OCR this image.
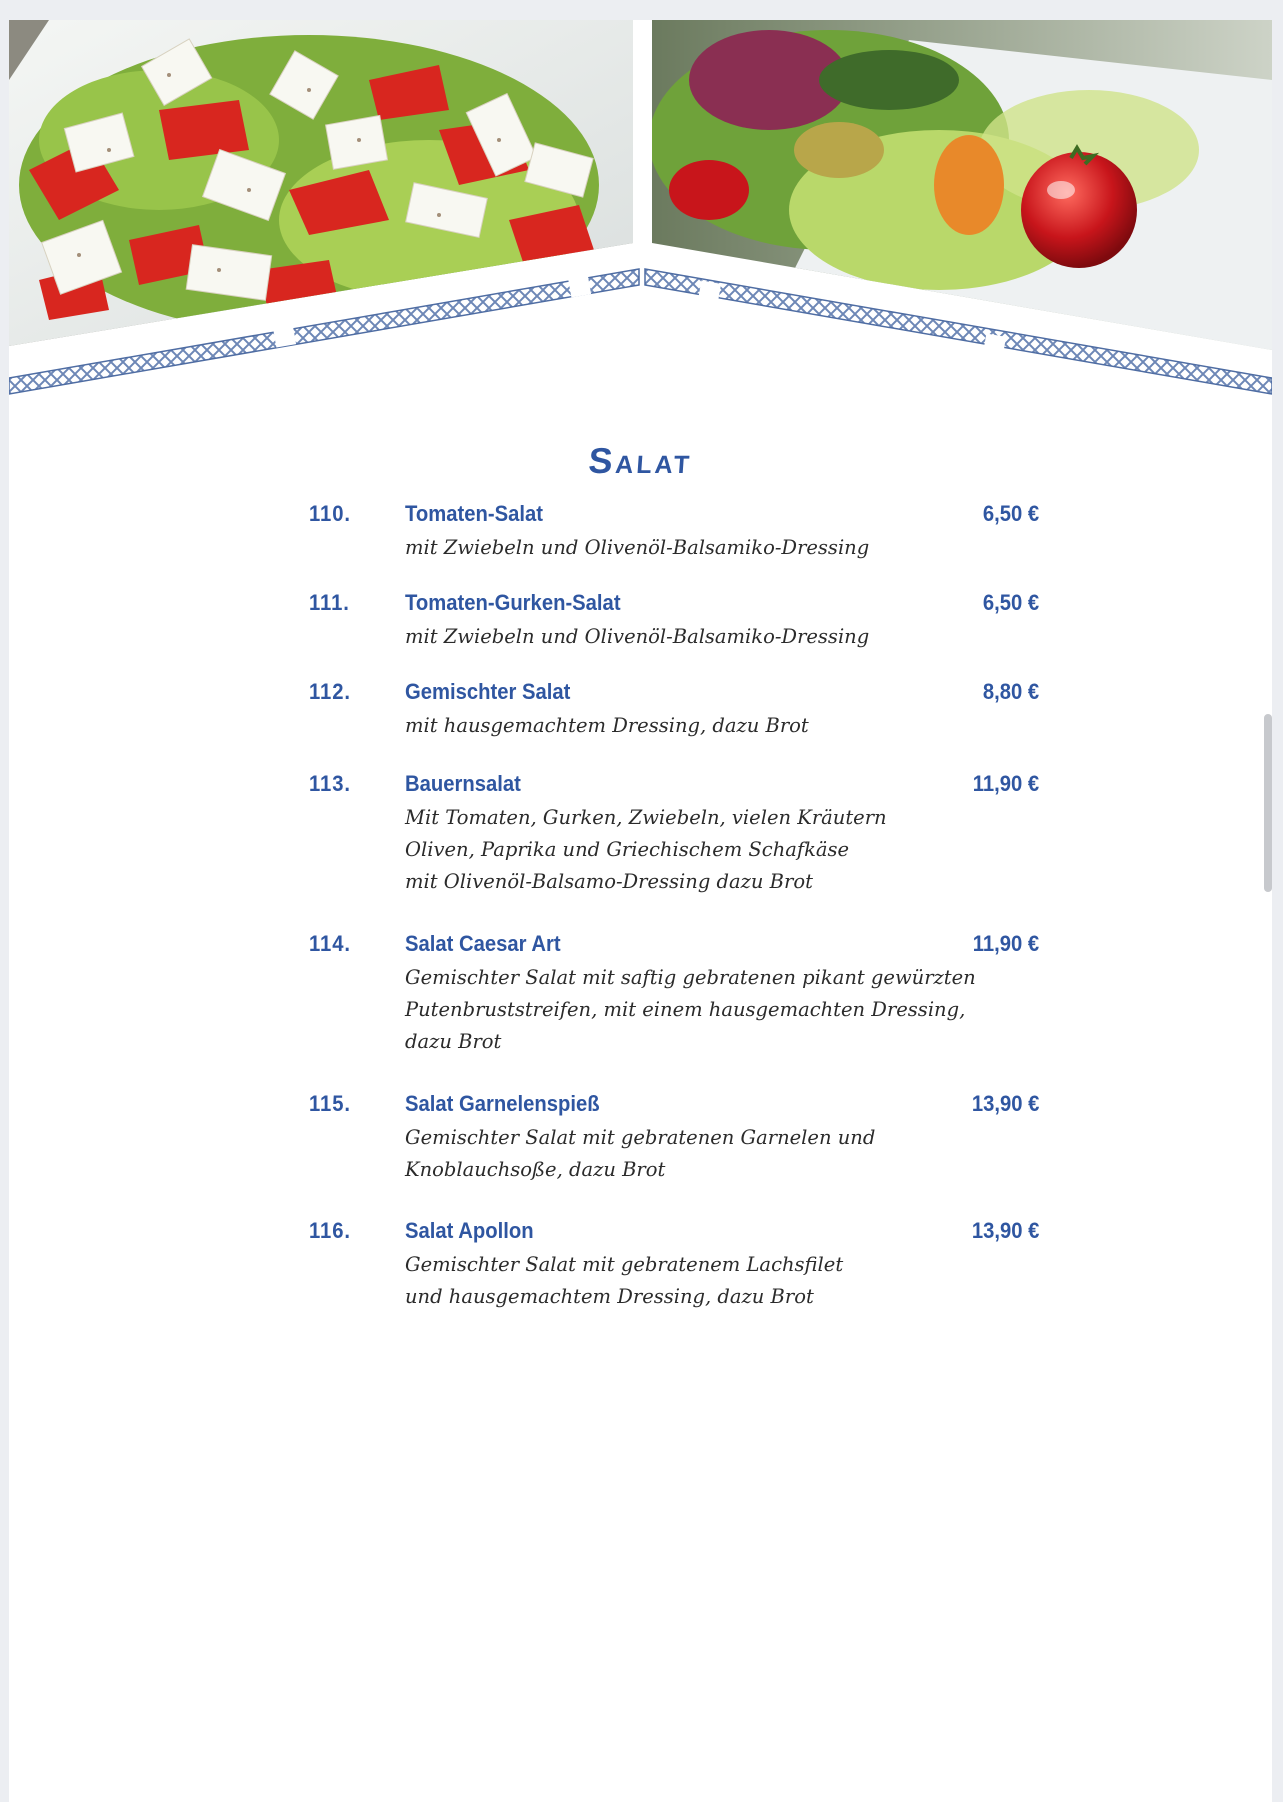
Salat
110. Tomaten-Salat	6,50 €
mit Zwiebeln und Olivenöl-Balsamiko-Dressing
111.	Tomaten-Gurken-Salat	6,50 €
mit Zwiebeln und Olivenöl-Balsamiko-Dressing
112. Gemischter Salat	8,80 €
mit hausgemachtem Dressing, dazu Brot
113. Bauernsalat	11,90 €
Mit Tomaten, Gurken, Zwiebeln, vielen Kräutern
Oliven, Paprika und Griechischem Schafkäse
mit Olivenöl-Balsamo-Dressing dazu Brot
114. Salat Caesar Art	11,90 €
Gemischter Salat mit saftig gebratenen pikant gewürzten
Putenbruststreifen, mit einem hausgemachten Dressing,
dazu Brot
115. Salat Garnelenspieß	13,90 €
Gemischter Salat mit gebratenen Garnelen und
Knoblauchsoße, dazu Brot
116. Salat Apollon	13,90 €
Gemischter Salat mit gebratenem Lachsfilet
und hausgemachtem Dressing, dazu Brot
